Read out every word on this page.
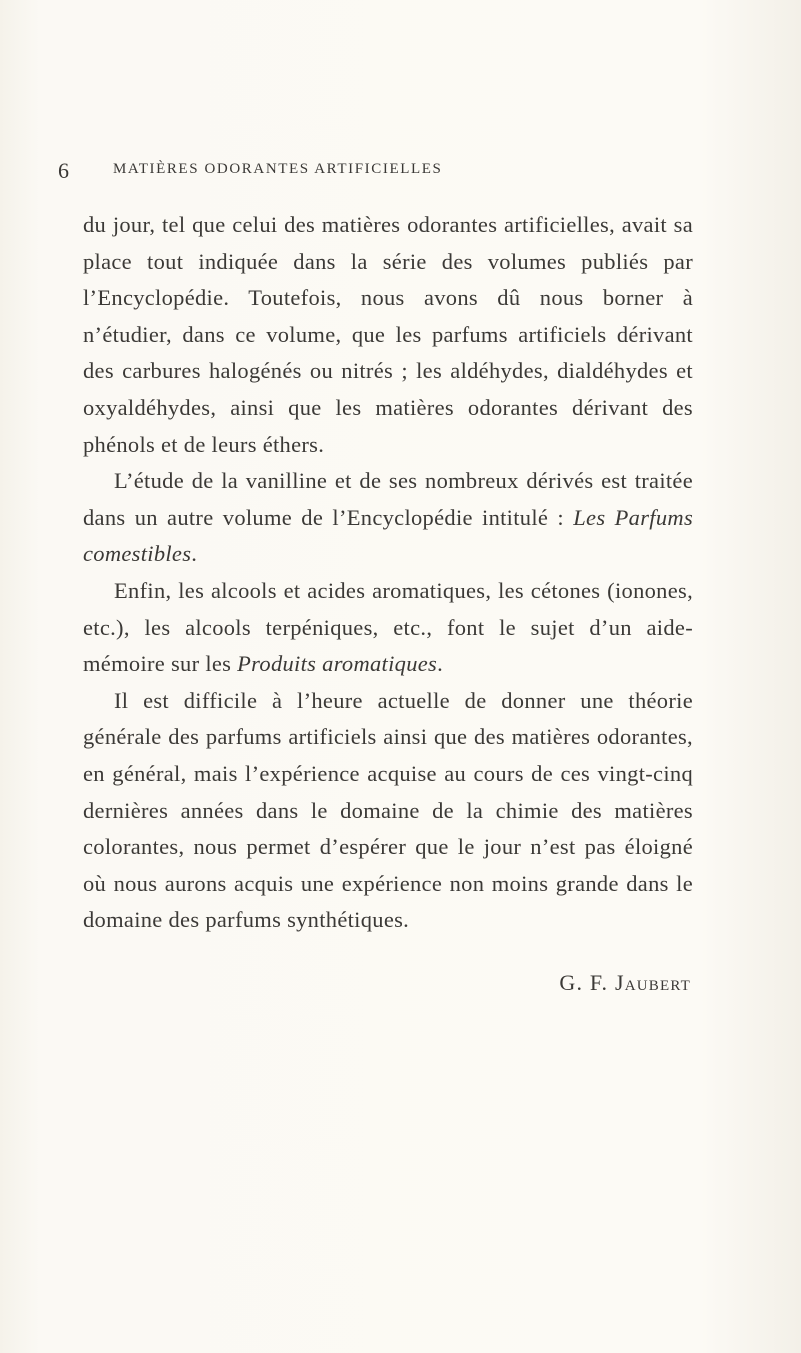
6	MATIÈRES ODORANTES ARTIFICIELLES

du jour, tel que celui des matières odorantes artificielles, avait sa place tout indiquée dans la série des volumes publiés par l’Encyclopédie. Toutefois, nous avons dû nous borner à n’étudier, dans ce volume, que les parfums artificiels dérivant des carbures halogénés ou nitrés ; les aldéhydes, dialdéhydes et oxyaldéhydes, ainsi que les matières odorantes dérivant des phénols et de leurs éthers.

L’étude de la vanilline et de ses nombreux dérivés est traitée dans un autre volume de l’Encyclopédie intitulé : Les Parfums comestibles.

Enfin, les alcools et acides aromatiques, les cétones (ionones, etc.), les alcools terpéniques, etc., font le sujet d’un aide-mémoire sur les Produits aromatiques.

Il est difficile à l’heure actuelle de donner une théorie générale des parfums artificiels ainsi que des matières odorantes, en général, mais l’expérience acquise au cours de ces vingt-cinq dernières années dans le domaine de la chimie des matières colorantes, nous permet d’espérer que le jour n’est pas éloigné où nous aurons acquis une expérience non moins grande dans le domaine des parfums synthétiques.

G. F. Jaubert
